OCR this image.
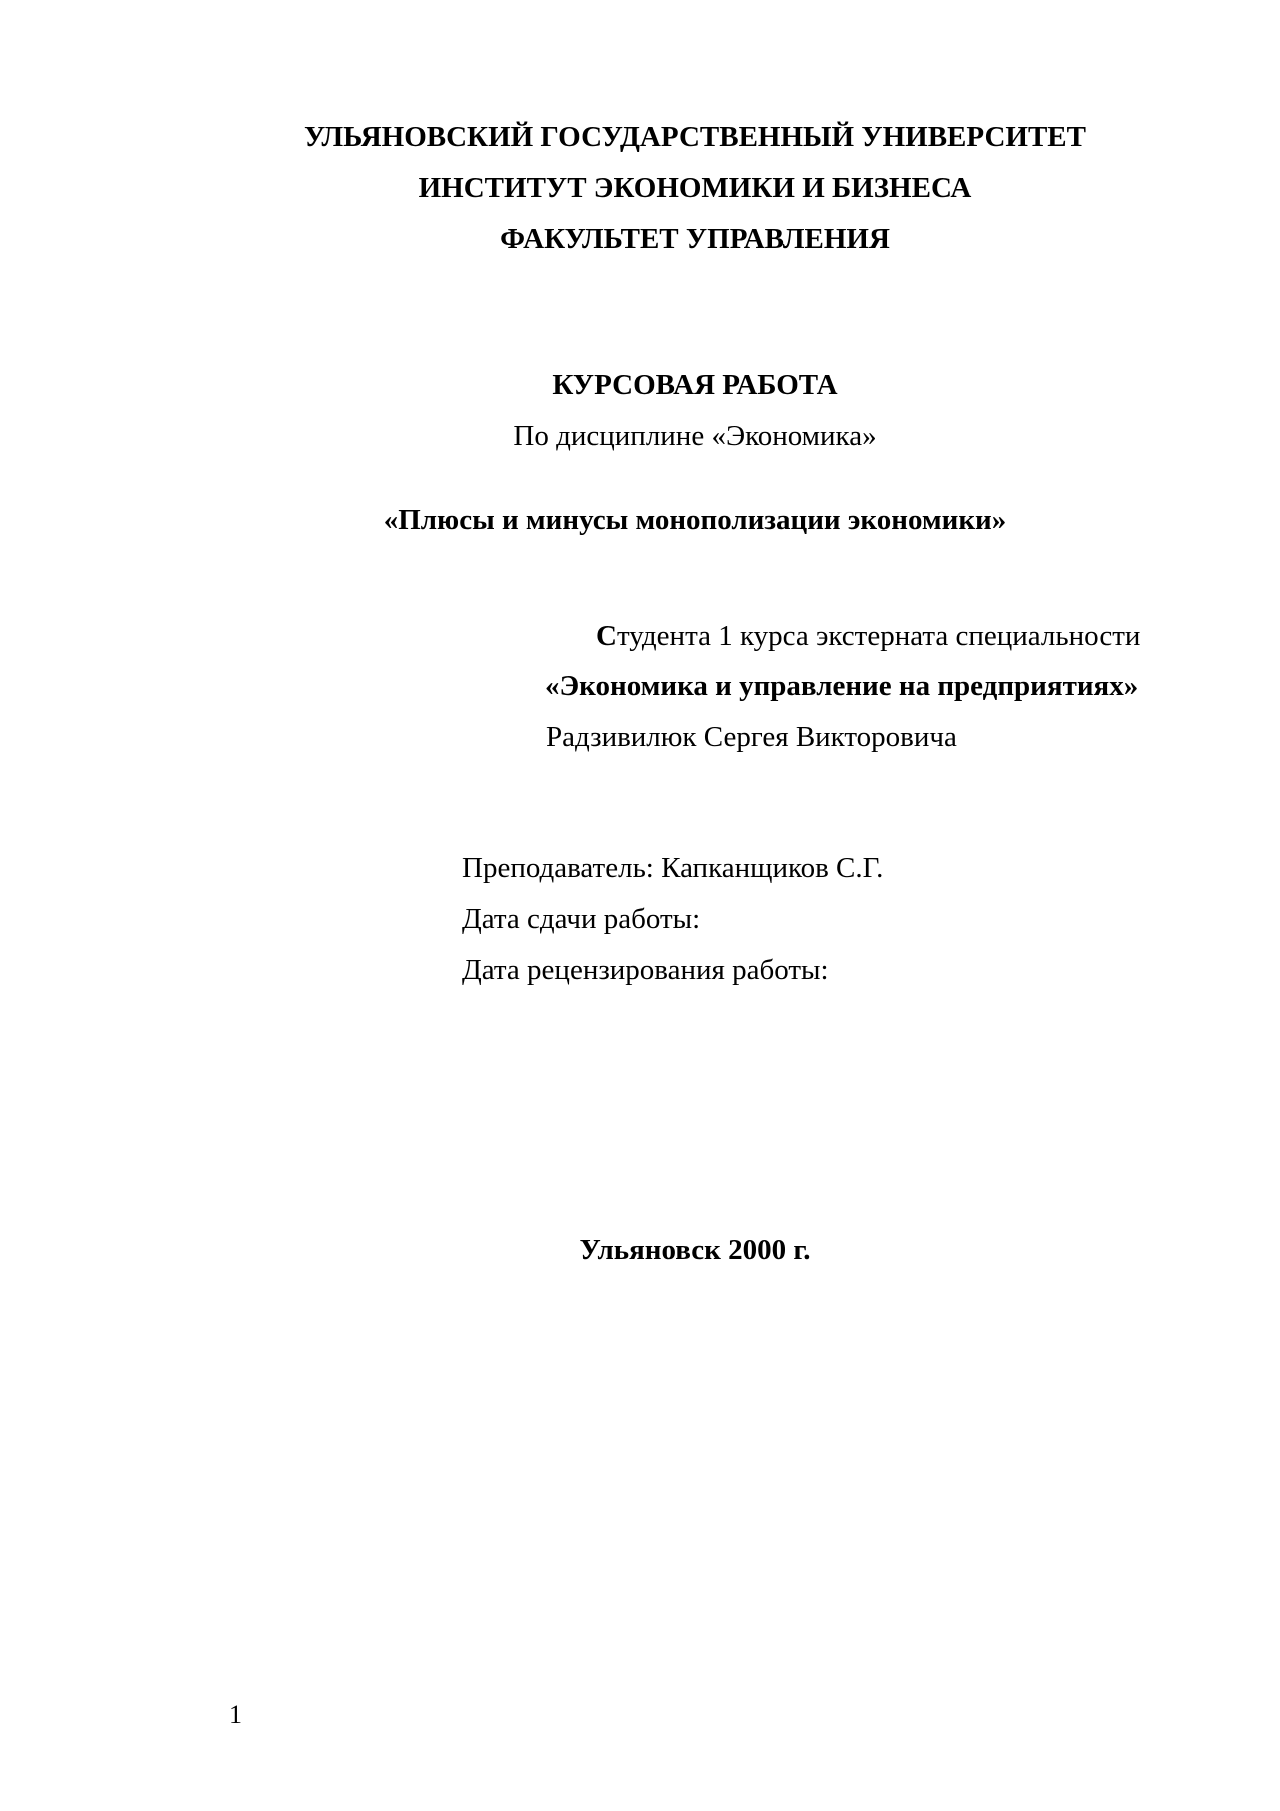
УЛЬЯНОВСКИЙ ГОСУДАРСТВЕННЫЙ УНИВЕРСИТЕТ
ИНСТИТУТ ЭКОНОМИКИ И БИЗНЕСА
ФАКУЛЬТЕТ УПРАВЛЕНИЯ
КУРСОВАЯ РАБОТА
По дисциплине «Экономика»
«Плюсы и минусы монополизации экономики»
Студента 1 курса экстерната специальности
«Экономика и управление на предприятиях»
Радзивилюк Сергея Викторовича
Преподаватель: Капканщиков С.Г.
Дата сдачи работы:
Дата рецензирования работы:
Ульяновск 2000 г.
1
